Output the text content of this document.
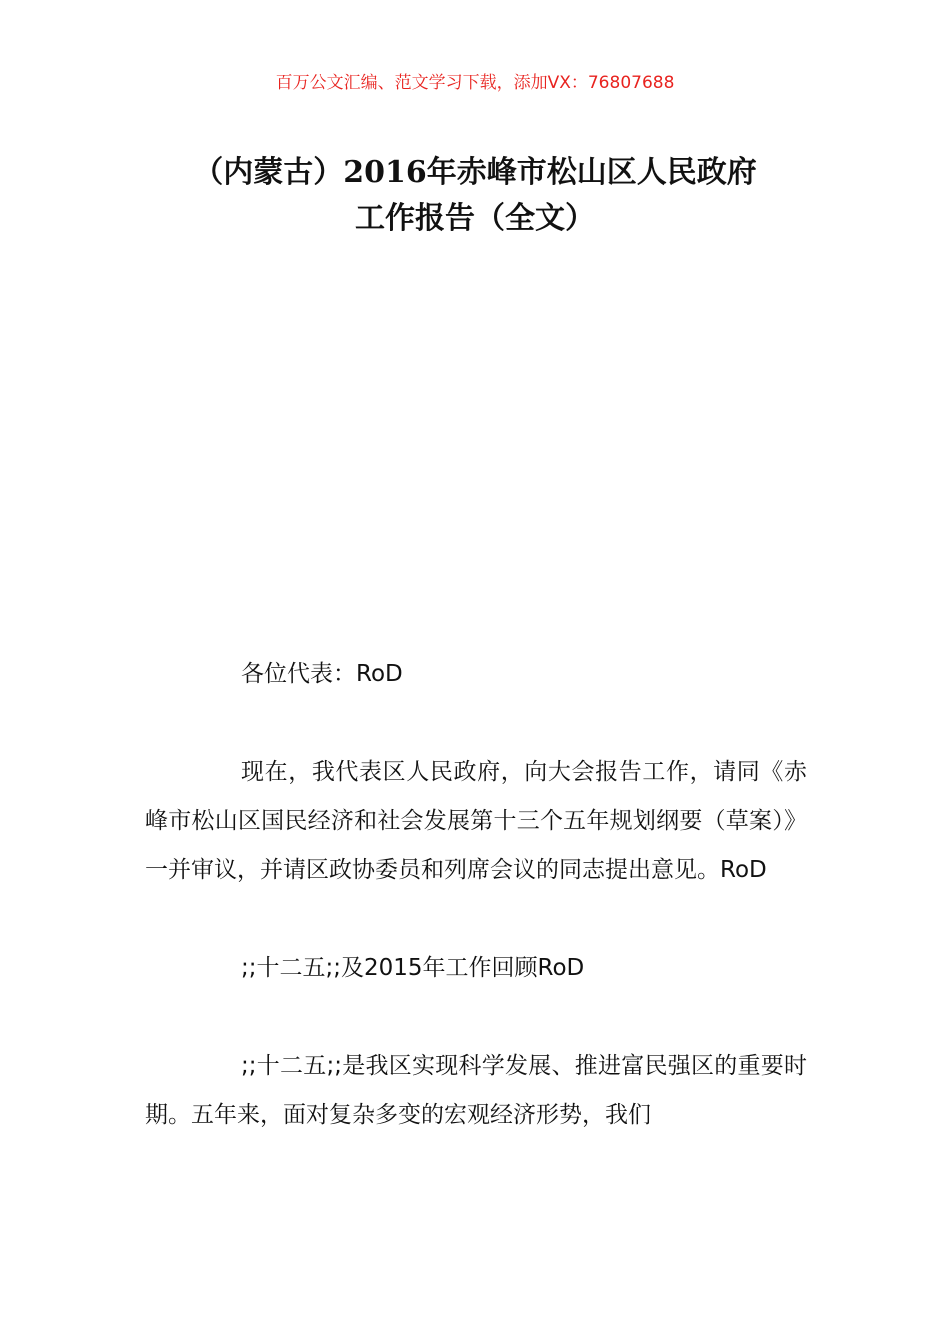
百万公文汇编、范文学习下载，添加VX：76807688
（内蒙古）2016年赤峰市松山区人民政府
工作报告（全文）

各位代表：RoD

现在，我代表区人民政府，向大会报告工作，请同《赤峰市松山区国民经济和社会发展第十三个五年规划纲要（草案）》一并审议，并请区政协委员和列席会议的同志提出意见。RoD

;;十二五;;及2015年工作回顾RoD

;;十二五;;是我区实现科学发展、推进富民强区的重要时期。五年来，面对复杂多变的宏观经济形势，我们
